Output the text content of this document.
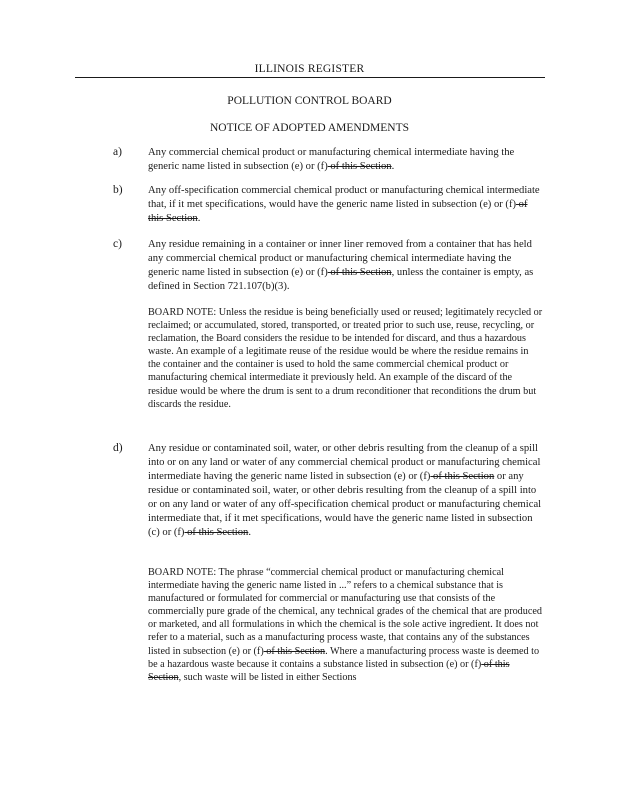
ILLINOIS REGISTER
POLLUTION CONTROL BOARD
NOTICE OF ADOPTED AMENDMENTS
a) Any commercial chemical product or manufacturing chemical intermediate having the generic name listed in subsection (e) or (f) of this Section.
b) Any off-specification commercial chemical product or manufacturing chemical intermediate that, if it met specifications, would have the generic name listed in subsection (e) or (f) of this Section.
c) Any residue remaining in a container or inner liner removed from a container that has held any commercial chemical product or manufacturing chemical intermediate having the generic name listed in subsection (e) or (f) of this Section, unless the container is empty, as defined in Section 721.107(b)(3).
BOARD NOTE: Unless the residue is being beneficially used or reused; legitimately recycled or reclaimed; or accumulated, stored, transported, or treated prior to such use, reuse, recycling, or reclamation, the Board considers the residue to be intended for discard, and thus a hazardous waste. An example of a legitimate reuse of the residue would be where the residue remains in the container and the container is used to hold the same commercial chemical product or manufacturing chemical intermediate it previously held. An example of the discard of the residue would be where the drum is sent to a drum reconditioner that reconditions the drum but discards the residue.
d) Any residue or contaminated soil, water, or other debris resulting from the cleanup of a spill into or on any land or water of any commercial chemical product or manufacturing chemical intermediate having the generic name listed in subsection (e) or (f) of this Section or any residue or contaminated soil, water, or other debris resulting from the cleanup of a spill into or on any land or water of any off-specification chemical product or manufacturing chemical intermediate that, if it met specifications, would have the generic name listed in subsection (c) or (f) of this Section.
BOARD NOTE: The phrase “commercial chemical product or manufacturing chemical intermediate having the generic name listed in ...” refers to a chemical substance that is manufactured or formulated for commercial or manufacturing use that consists of the commercially pure grade of the chemical, any technical grades of the chemical that are produced or marketed, and all formulations in which the chemical is the sole active ingredient. It does not refer to a material, such as a manufacturing process waste, that contains any of the substances listed in subsection (e) or (f) of this Section. Where a manufacturing process waste is deemed to be a hazardous waste because it contains a substance listed in subsection (e) or (f) of this Section, such waste will be listed in either Sections
